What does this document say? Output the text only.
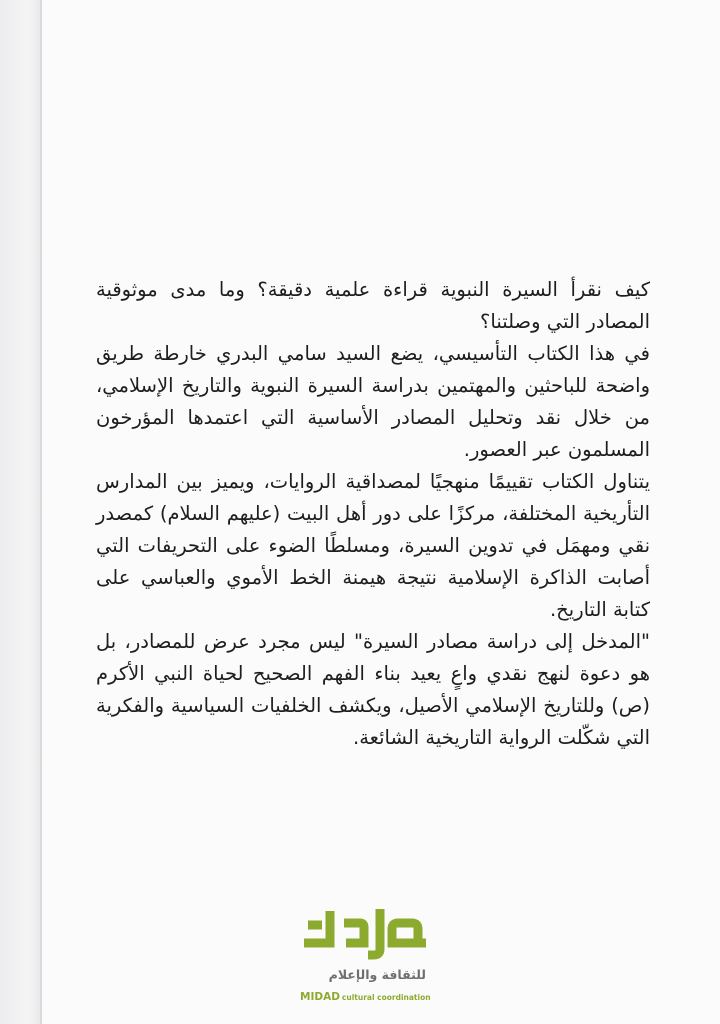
كيف نقرأ السيرة النبوية قراءة علمية دقيقة؟ وما مدى موثوقية المصادر التي وصلتنا؟

في هذا الكتاب التأسيسي، يضع السيد سامي البدري خارطة طريق واضحة للباحثين والمهتمين بدراسة السيرة النبوية والتاريخ الإسلامي، من خلال نقد وتحليل المصادر الأساسية التي اعتمدها المؤرخون المسلمون عبر العصور.

يتناول الكتاب تقييمًا منهجيًا لمصداقية الروايات، ويميز بين المدارس التأريخية المختلفة، مركزًا على دور أهل البيت (عليهم السلام) كمصدر نقي ومهمَل في تدوين السيرة، ومسلطًا الضوء على التحريفات التي أصابت الذاكرة الإسلامية نتيجة هيمنة الخط الأموي والعباسي على كتابة التاريخ.

"المدخل إلى دراسة مصادر السيرة" ليس مجرد عرض للمصادر، بل هو دعوة لنهج نقدي واعٍ يعيد بناء الفهم الصحيح لحياة النبي الأكرم (ص) وللتاريخ الإسلامي الأصيل، ويكشف الخلفيات السياسية والفكرية التي شكّلت الرواية التاريخية الشائعة.

للثقافة والإعلام
MIDAD cultural coordination
